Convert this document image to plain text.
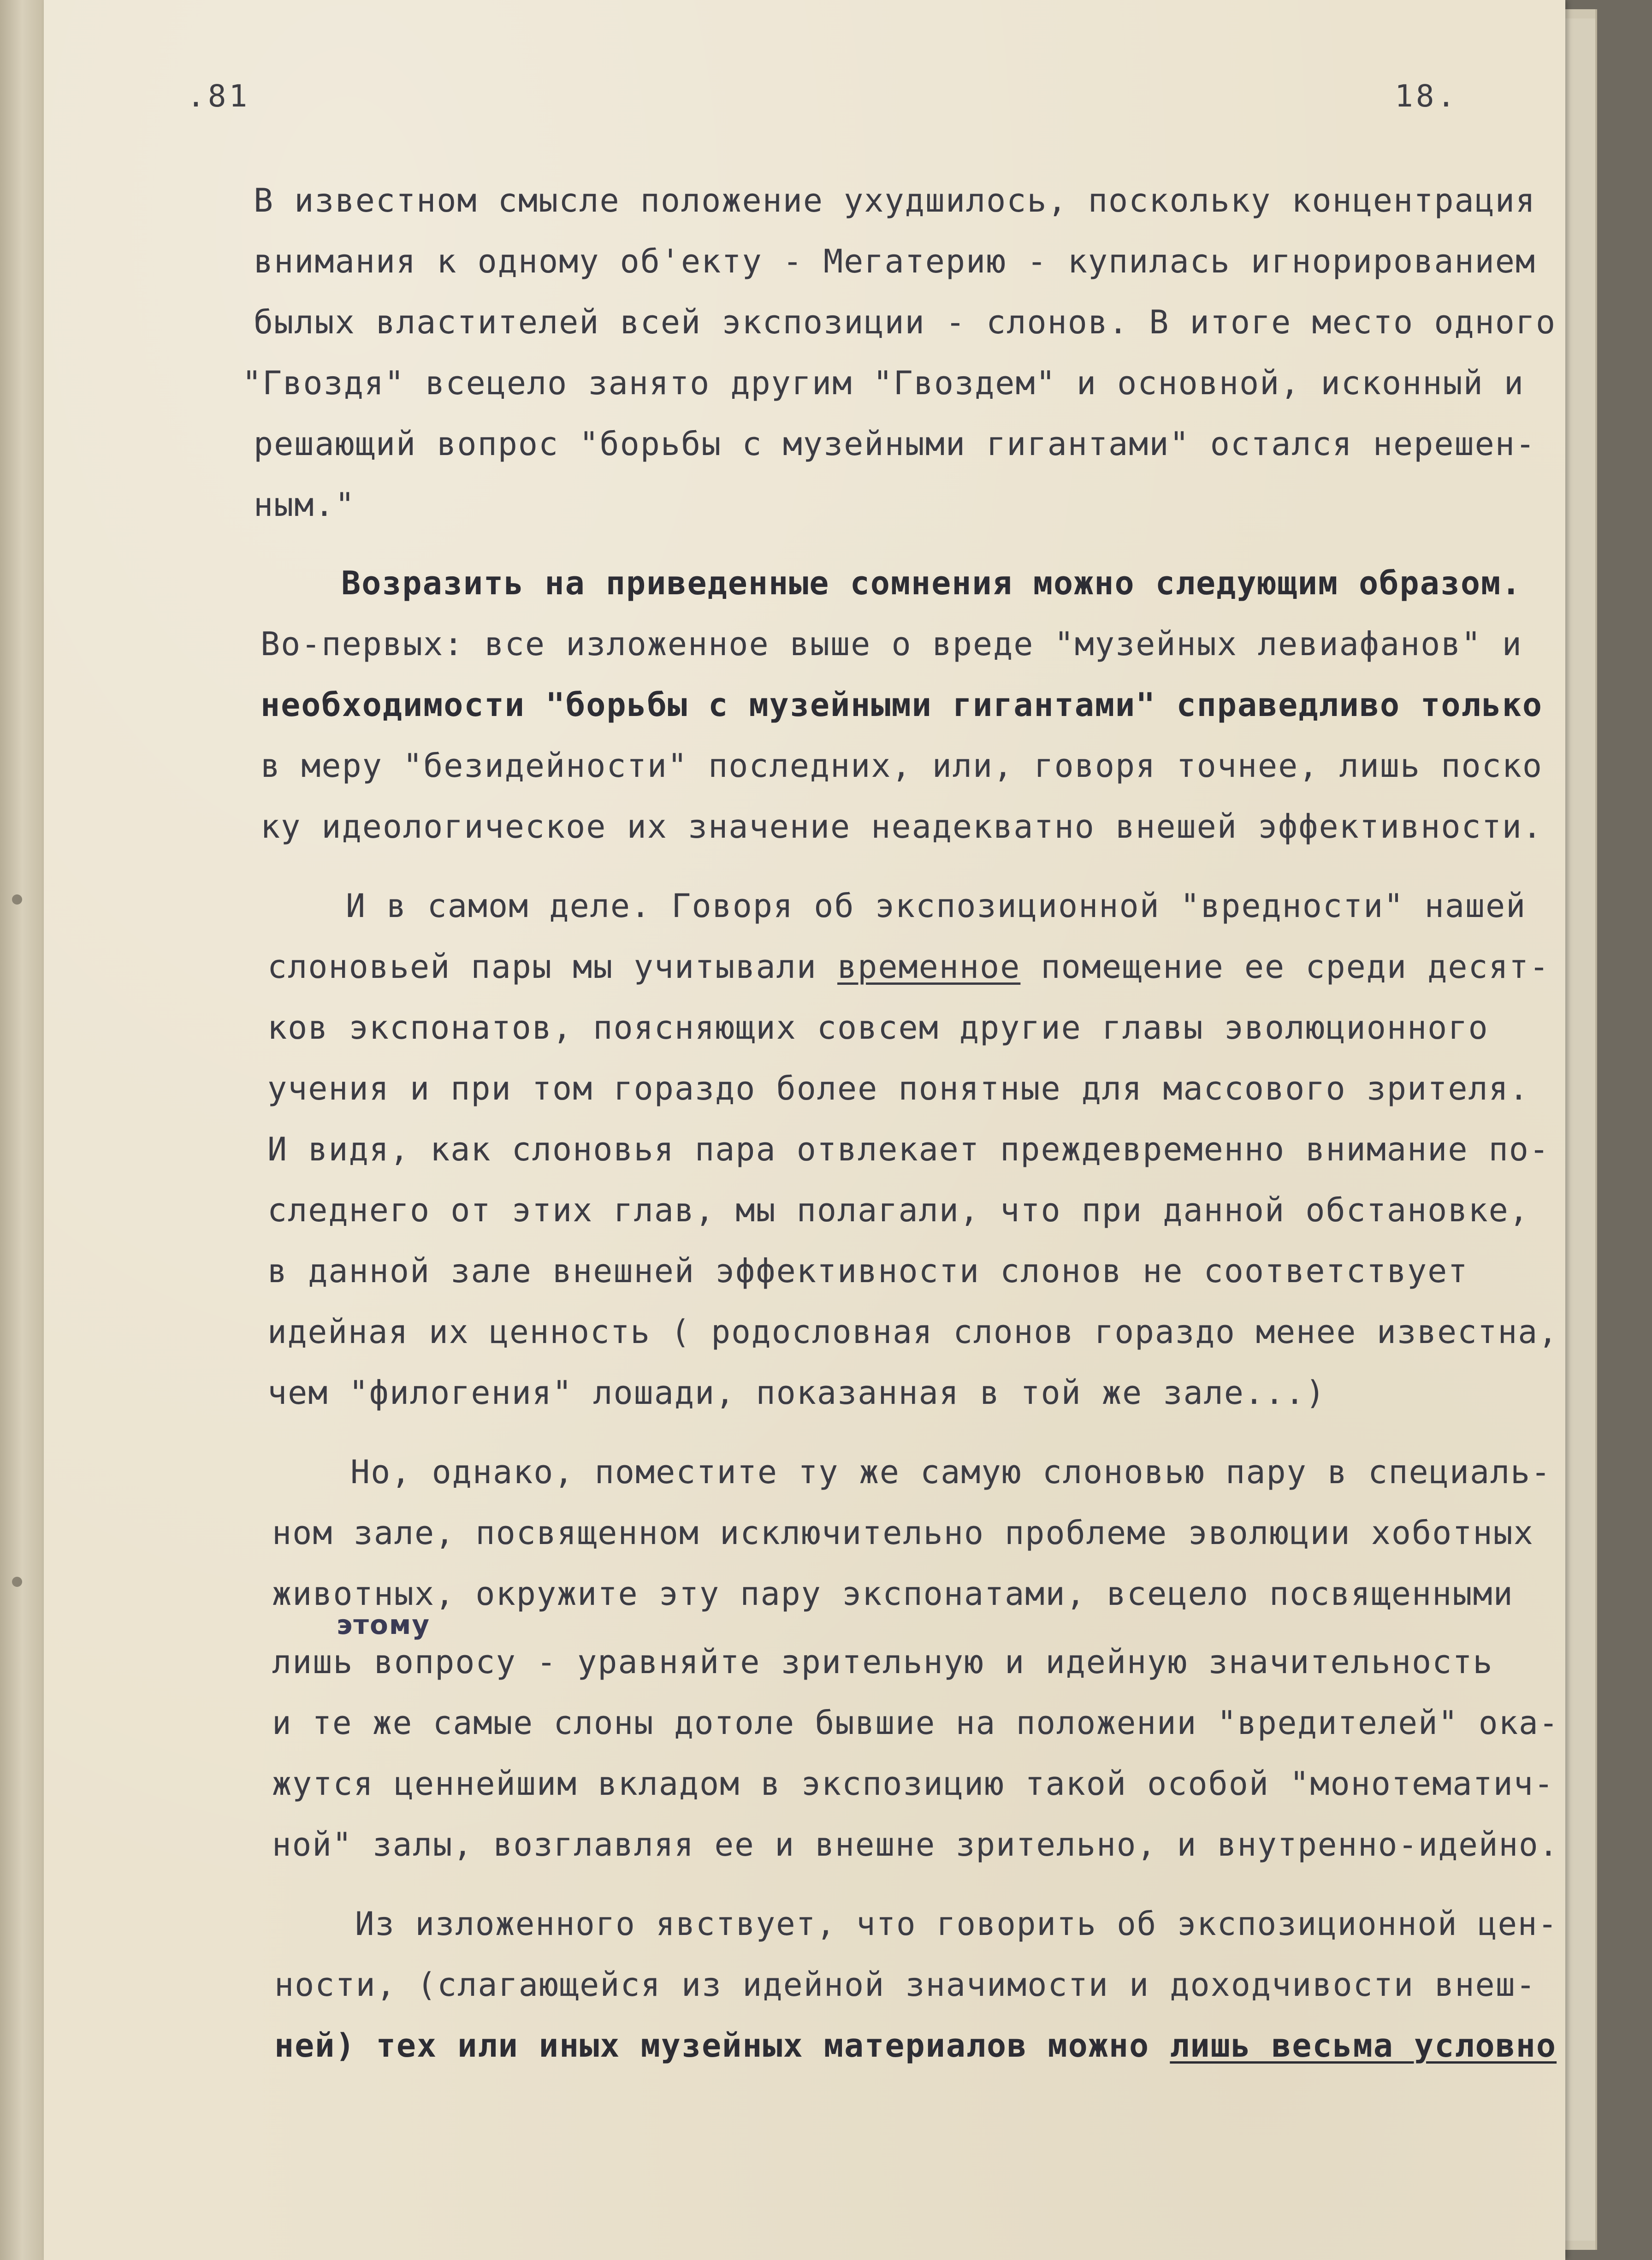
.81	18.
В известном смысле положение ухудшилось, поскольку концентрация
внимания к одному об'екту - Мегатерию - купилась игнорированием
былых властителей всей экспозиции - слонов. В итоге место одного
"Гвоздя" всецело занято другим "Гвоздем" и основной, исконный и
решающий вопрос "борьбы с музейными гигантами" остался нерешен-
ным."
Возразить на приведенные сомнения можно следующим образом.
Во-первых: все изложенное выше о вреде "музейных левиафанов" и
необходимости "борьбы с музейными гигантами" справедливо только
в меру "безидейности" последних, или, говоря точнее, лишь поско
ку идеологическое их значение неадекватно внешей эффективности.
И в самом деле. Говоря об экспозиционной "вредности" нашей
слоновьей пары мы учитывали временное помещение ее среди десят-
ков экспонатов, поясняющих совсем другие главы эволюционного
учения и при том гораздо более понятные для массового зрителя.
И видя, как слоновья пара отвлекает преждевременно внимание по-
следнего от этих глав, мы полагали, что при данной обстановке,
в данной зале внешней эффективности слонов не соответствует
идейная их ценность ( родословная слонов гораздо менее известна,
чем "филогения" лошади, показанная в той же зале...)
Но, однако, поместите ту же самую слоновью пару в специаль-
ном зале, посвященном исключительно проблеме эволюции хоботных
животных, окружите эту пару экспонатами, всецело посвященными
этому
лишь вопросу - уравняйте зрительную и идейную значительность
и те же самые слоны дотоле бывшие на положении "вредителей" ока-
жутся ценнейшим вкладом в экспозицию такой особой "монотематич-
ной" залы, возглавляя ее и внешне зрительно, и внутренно-идейно.
Из изложенного явствует, что говорить об экспозиционной цен-
ности, (слагающейся из идейной значимости и доходчивости внеш-
ней) тех или иных музейных материалов можно лишь весьма условно
